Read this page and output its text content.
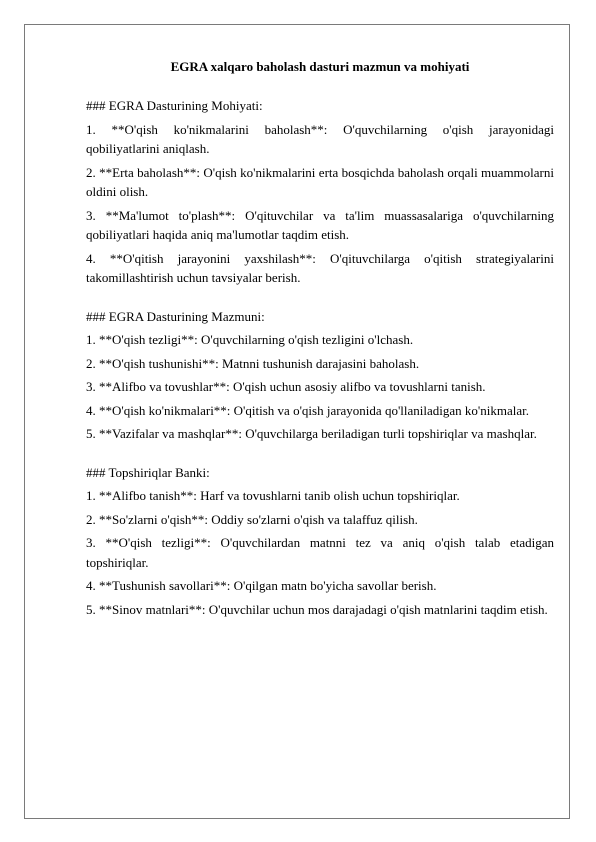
EGRA xalqaro baholash dasturi mazmun va mohiyati
### EGRA Dasturining Mohiyati:
1. **O'qish ko'nikmalarini baholash**: O'quvchilarning o'qish jarayonidagi qobiliyatlarini aniqlash.
2. **Erta baholash**: O'qish ko'nikmalarini erta bosqichda baholash orqali muammolarni oldini olish.
3. **Ma'lumot to'plash**: O'qituvchilar va ta'lim muassasalariga o'quvchilarning qobiliyatlari haqida aniq ma'lumotlar taqdim etish.
4. **O'qitish jarayonini yaxshilash**: O'qituvchilarga o'qitish strategiyalarini takomillashtirish uchun tavsiyalar berish.
### EGRA Dasturining Mazmuni:
1. **O'qish tezligi**: O'quvchilarning o'qish tezligini o'lchash.
2. **O'qish tushunishi**: Matnni tushunish darajasini baholash.
3. **Alifbo va tovushlar**: O'qish uchun asosiy alifbo va tovushlarni tanish.
4. **O'qish ko'nikmalari**: O'qitish va o'qish jarayonida qo'llaniladigan ko'nikmalar.
5. **Vazifalar va mashqlar**: O'quvchilarga beriladigan turli topshiriqlar va mashqlar.
### Topshiriqlar Banki:
1. **Alifbo tanish**: Harf va tovushlarni tanib olish uchun topshiriqlar.
2. **So'zlarni o'qish**: Oddiy so'zlarni o'qish va talaffuz qilish.
3. **O'qish tezligi**: O'quvchilardan matnni tez va aniq o'qish talab etadigan topshiriqlar.
4. **Tushunish savollari**: O'qilgan matn bo'yicha savollar berish.
5. **Sinov matnlari**: O'quvchilar uchun mos darajadagi o'qish matnlarini taqdim etish.
